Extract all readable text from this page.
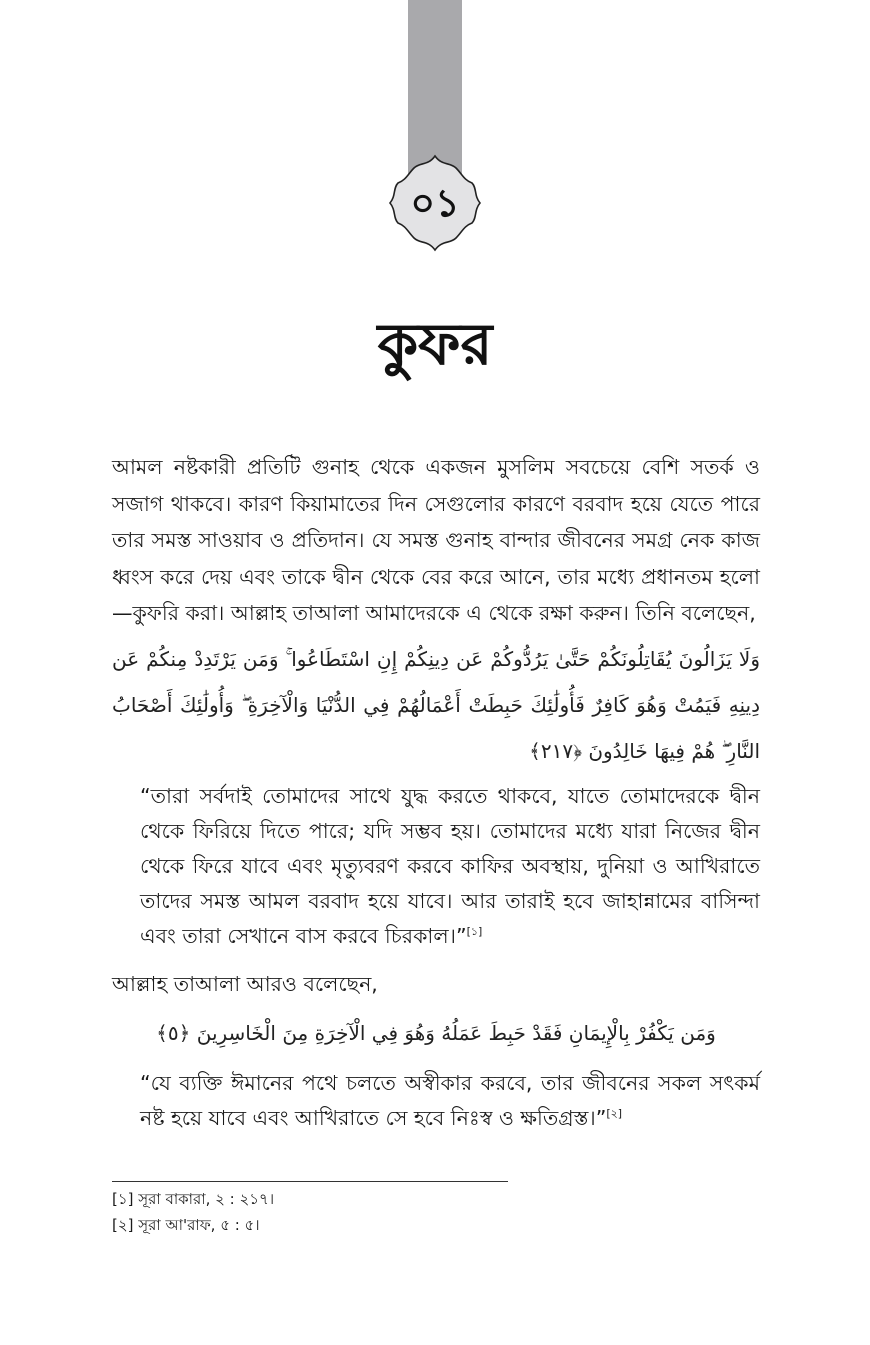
০১
কুফর
আমল নষ্টকারী প্রতিটি গুনাহ থেকে একজন মুসলিম সবচেয়ে বেশি সতর্ক ও সজাগ থাকবে। কারণ কিয়ামাতের দিন সেগুলোর কারণে বরবাদ হয়ে যেতে পারে তার সমস্ত সাওয়াব ও প্রতিদান। যে সমস্ত গুনাহ বান্দার জীবনের সমগ্র নেক কাজ ধ্বংস করে দেয় এবং তাকে দ্বীন থেকে বের করে আনে, তার মধ্যে প্রধানতম হলো—কুফরি করা। আল্লাহ তাআলা আমাদেরকে এ থেকে রক্ষা করুন। তিনি বলেছেন,
وَلَا يَزَالُونَ يُقَاتِلُونَكُمْ حَتَّىٰ يَرُدُّوكُمْ عَن دِينِكُمْ إِنِ اسْتَطَاعُوا ۚ وَمَن يَرْتَدِدْ مِنكُمْ عَن دِينِهِ فَيَمُتْ وَهُوَ كَافِرٌ فَأُولَٰئِكَ حَبِطَتْ أَعْمَالُهُمْ فِي الدُّنْيَا وَالْآخِرَةِ ۖ وَأُولَٰئِكَ أَصْحَابُ النَّارِ ۖ هُمْ فِيهَا خَالِدُونَ ﴿٢١٧﴾
“তারা সর্বদাই তোমাদের সাথে যুদ্ধ করতে থাকবে, যাতে তোমাদেরকে দ্বীন থেকে ফিরিয়ে দিতে পারে; যদি সম্ভব হয়। তোমাদের মধ্যে যারা নিজের দ্বীন থেকে ফিরে যাবে এবং মৃত্যুবরণ করবে কাফির অবস্থায়, দুনিয়া ও আখিরাতে তাদের সমস্ত আমল বরবাদ হয়ে যাবে। আর তারাই হবে জাহান্নামের বাসিন্দা এবং তারা সেখানে বাস করবে চিরকাল।”[১]
আল্লাহ তাআলা আরও বলেছেন,
وَمَن يَكْفُرْ بِالْإِيمَانِ فَقَدْ حَبِطَ عَمَلُهُ وَهُوَ فِي الْآخِرَةِ مِنَ الْخَاسِرِينَ ﴿٥﴾
“যে ব্যক্তি ঈমানের পথে চলতে অস্বীকার করবে, তার জীবনের সকল সৎকর্ম নষ্ট হয়ে যাবে এবং আখিরাতে সে হবে নিঃস্ব ও ক্ষতিগ্রস্ত।”[২]
[১] সূরা বাকারা, ২ : ২১৭।
[২] সূরা আ'রাফ, ৫ : ৫।
